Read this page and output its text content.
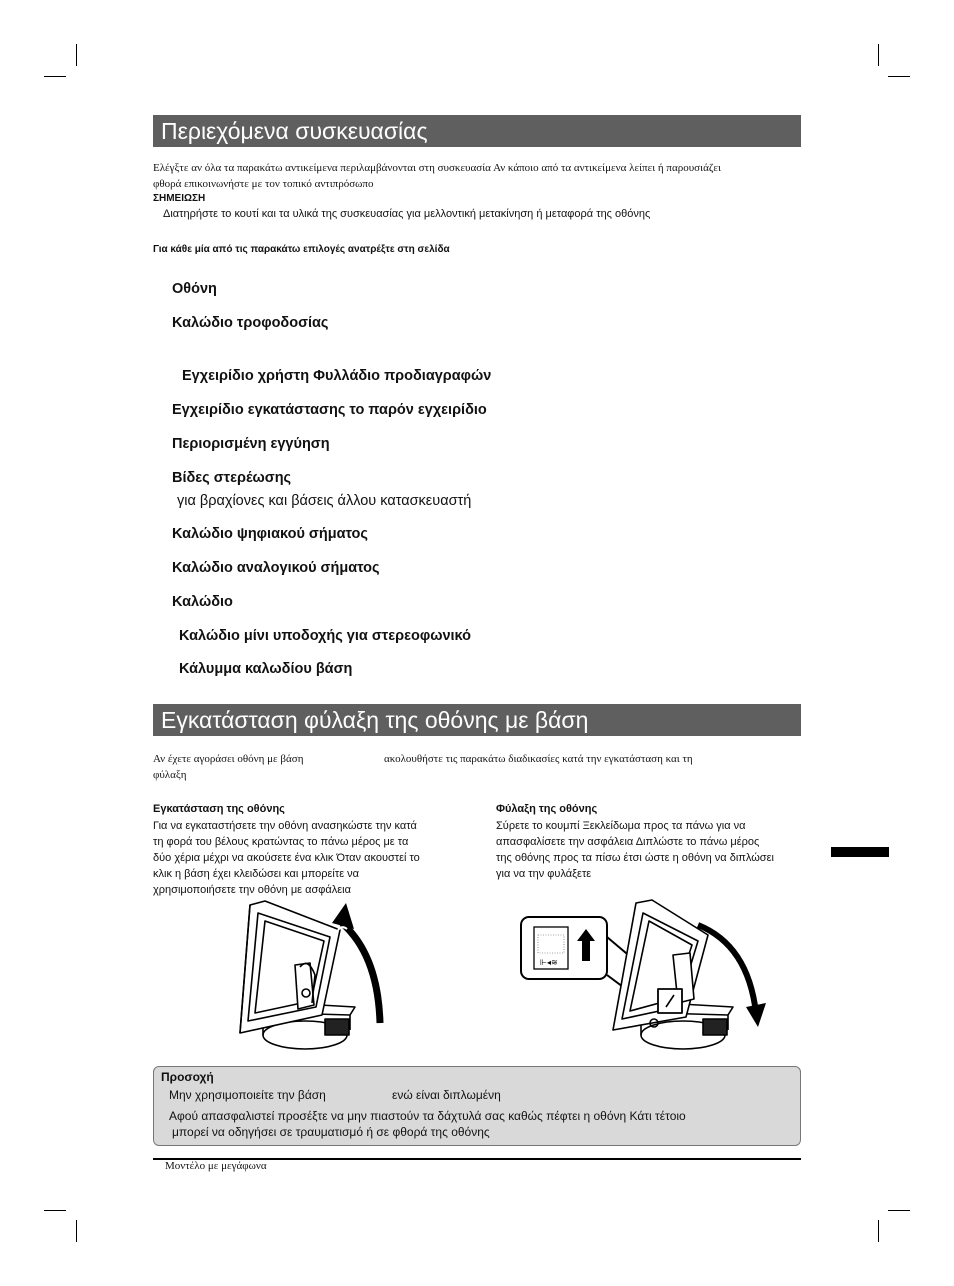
Περιεχόμενα συσκευασίας
Ελέγξτε αν όλα τα παρακάτω αντικείμενα περιλαμβάνονται στη συσκευασία Αν κάποιο από τα αντικείμενα λείπει ή παρουσιάζει
φθορά επικοινωνήστε με τον τοπικό αντιπρόσωπο
ΣΗΜΕΙΩΣΗ
Διατηρήστε το κουτί και τα υλικά της συσκευασίας για μελλοντική μετακίνηση ή μεταφορά της οθόνης
Για κάθε μία από τις παρακάτω επιλογές ανατρέξτε στη σελίδα
Οθόνη
Καλώδιο τροφοδοσίας
Εγχειρίδιο χρήστη Φυλλάδιο προδιαγραφών
Εγχειρίδιο εγκατάστασης το παρόν εγχειρίδιο
Περιορισμένη εγγύηση
Βίδες στερέωσης
για βραχίονες και βάσεις άλλου κατασκευαστή
Καλώδιο ψηφιακού σήματος
Καλώδιο αναλογικού σήματος
Καλώδιο
Καλώδιο μίνι υποδοχής για στερεοφωνικό
Κάλυμμα καλωδίου βάση
Εγκατάσταση φύλαξη της οθόνης με βάση
Αν έχετε αγοράσει οθόνη με βάση	ακολουθήστε τις παρακάτω διαδικασίες κατά την εγκατάσταση και τη
φύλαξη
Εγκατάσταση της οθόνης
Για να εγκαταστήσετε την οθόνη ανασηκώστε την κατά
τη φορά του βέλους κρατώντας το πάνω μέρος με τα
δύο χέρια μέχρι να ακούσετε ένα κλικ Όταν ακουστεί το
κλικ η βάση έχει κλειδώσει και μπορείτε να
χρησιμοποιήσετε την οθόνη με ασφάλεια
Φύλαξη της οθόνης
Σύρετε το κουμπί Ξεκλείδωμα προς τα πάνω για να
απασφαλίσετε την ασφάλεια Διπλώστε το πάνω μέρος
της οθόνης προς τα πίσω έτσι ώστε η οθόνη να διπλώσει
για να την φυλάξετε
⊩◂≋
Προσοχή
Μην χρησιμοποιείτε την βάση	ενώ είναι διπλωμένη
Αφού απασφαλιστεί προσέξτε να μην πιαστούν τα δάχτυλά σας καθώς πέφτει η οθόνη Κάτι τέτοιο
μπορεί να οδηγήσει σε τραυματισμό ή σε φθορά της οθόνης
Μοντέλο με μεγάφωνα
